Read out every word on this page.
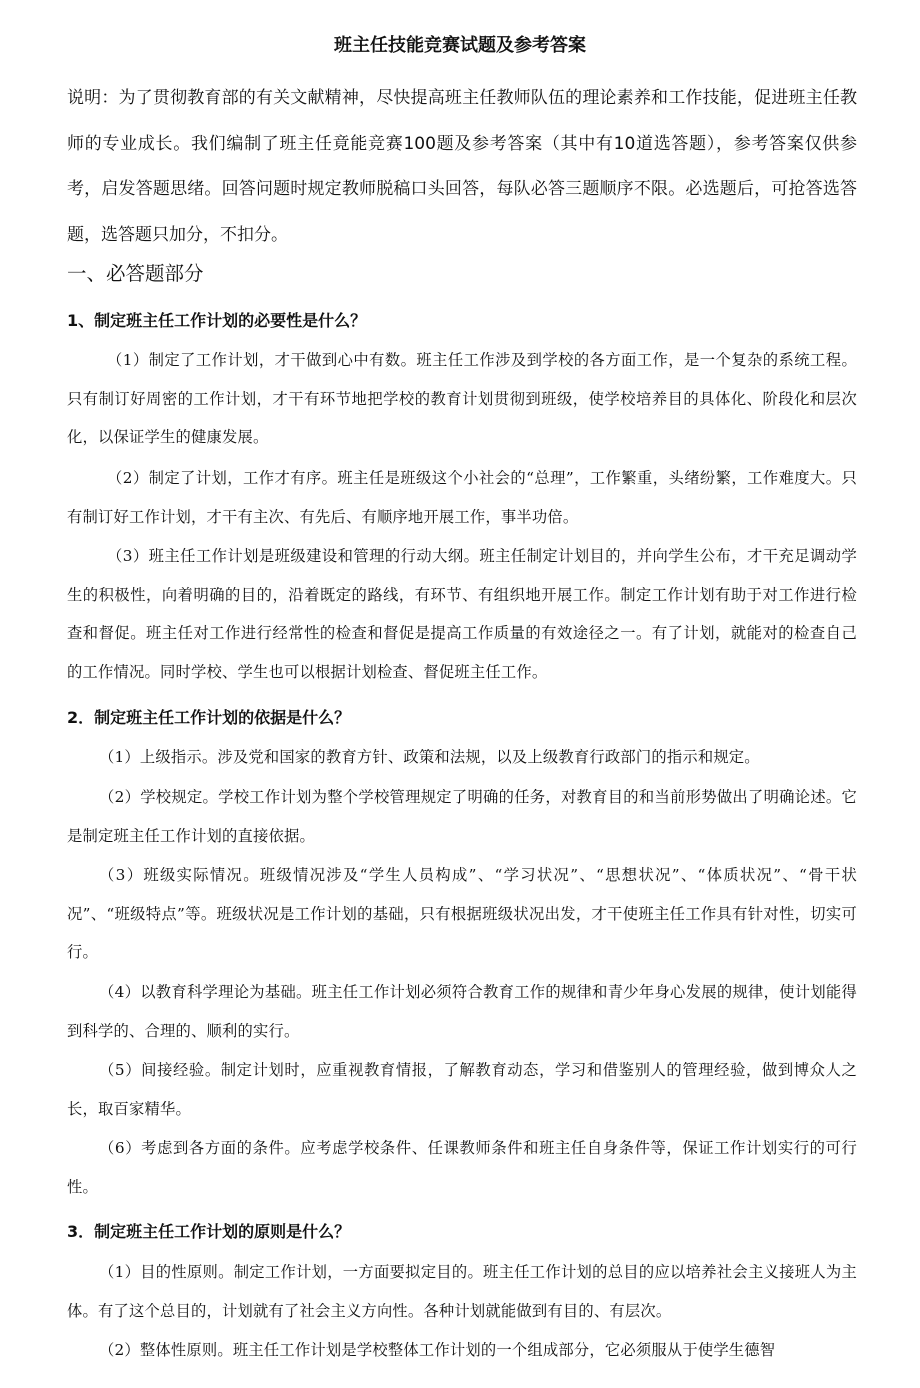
班主任技能竞赛试题及参考答案
说明：为了贯彻教育部的有关文献精神，尽快提高班主任教师队伍的理论素养和工作技能，促进班主任教师的专业成长。我们编制了班主任竟能竞赛100题及参考答案（其中有10道选答题），参考答案仅供参考，启发答题思绪。回答问题时规定教师脱稿口头回答，每队必答三题顺序不限。必选题后，可抢答选答题，选答题只加分，不扣分。
一、必答题部分
1、制定班主任工作计划的必要性是什么？
（1）制定了工作计划，才干做到心中有数。班主任工作涉及到学校的各方面工作，是一个复杂的系统工程。只有制订好周密的工作计划，才干有环节地把学校的教育计划贯彻到班级，使学校培养目的具体化、阶段化和层次化，以保证学生的健康发展。
（2）制定了计划，工作才有序。班主任是班级这个小社会的“总理”，工作繁重，头绪纷繁，工作难度大。只有制订好工作计划，才干有主次、有先后、有顺序地开展工作，事半功倍。
（3）班主任工作计划是班级建设和管理的行动大纲。班主任制定计划目的，并向学生公布，才干充足调动学生的积极性，向着明确的目的，沿着既定的路线，有环节、有组织地开展工作。制定工作计划有助于对工作进行检查和督促。班主任对工作进行经常性的检查和督促是提高工作质量的有效途径之一。有了计划，就能对的检查自己的工作情况。同时学校、学生也可以根据计划检查、督促班主任工作。
2．制定班主任工作计划的依据是什么？
（1）上级指示。涉及党和国家的教育方针、政策和法规，以及上级教育行政部门的指示和规定。
（2）学校规定。学校工作计划为整个学校管理规定了明确的任务，对教育目的和当前形势做出了明确论述。它是制定班主任工作计划的直接依据。
（3）班级实际情况。班级情况涉及“学生人员构成”、“学习状况”、“思想状况”、“体质状况”、“骨干状况”、“班级特点”等。班级状况是工作计划的基础，只有根据班级状况出发，才干使班主任工作具有针对性，切实可行。
（4）以教育科学理论为基础。班主任工作计划必须符合教育工作的规律和青少年身心发展的规律，使计划能得到科学的、合理的、顺利的实行。
（5）间接经验。制定计划时，应重视教育情报，了解教育动态，学习和借鉴别人的管理经验，做到博众人之长，取百家精华。
（6）考虑到各方面的条件。应考虑学校条件、任课教师条件和班主任自身条件等，保证工作计划实行的可行性。
3．制定班主任工作计划的原则是什么？
（1）目的性原则。制定工作计划，一方面要拟定目的。班主任工作计划的总目的应以培养社会主义接班人为主体。有了这个总目的，计划就有了社会主义方向性。各种计划就能做到有目的、有层次。
（2）整体性原则。班主任工作计划是学校整体工作计划的一个组成部分，它必须服从于使学生德智
